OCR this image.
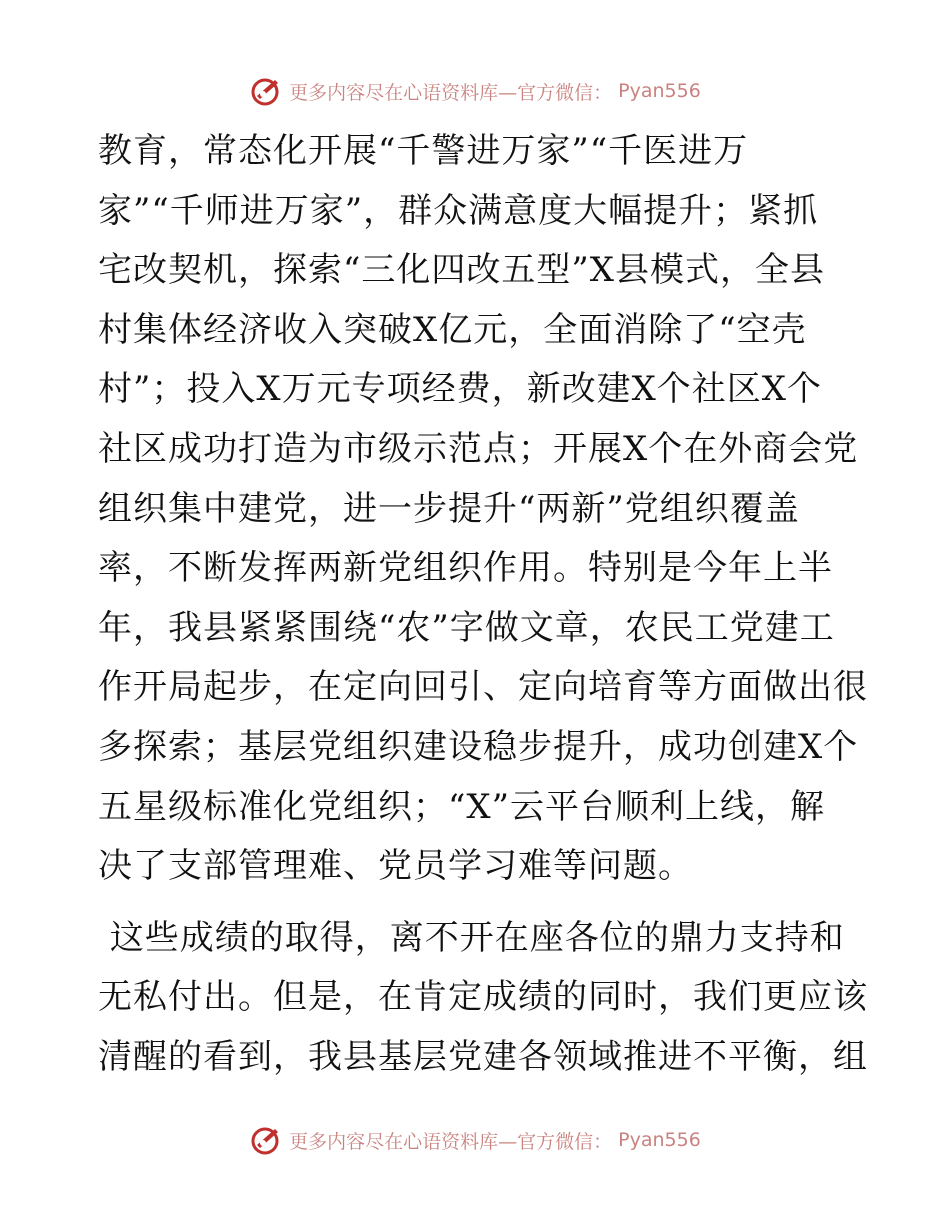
更多内容尽在心语资料库—官方微信： Pyan556
教育，常态化开展“千警进万家”“千医进万
家”“千师进万家”，群众满意度大幅提升；紧抓
宅改契机，探索“三化四改五型”X县模式，全县
村集体经济收入突破X亿元，全面消除了“空壳
村”；投入X万元专项经费，新改建X个社区X个
社区成功打造为市级示范点；开展X个在外商会党
组织集中建党，进一步提升“两新”党组织覆盖
率，不断发挥两新党组织作用。特别是今年上半
年，我县紧紧围绕“农”字做文章，农民工党建工
作开局起步，在定向回引、定向培育等方面做出很
多探索；基层党组织建设稳步提升，成功创建X个
五星级标准化党组织；“X”云平台顺利上线，解
决了支部管理难、党员学习难等问题。
这些成绩的取得，离不开在座各位的鼎力支持和
无私付出。但是，在肯定成绩的同时，我们更应该
清醒的看到，我县基层党建各领域推进不平衡，组
更多内容尽在心语资料库—官方微信： Pyan556
